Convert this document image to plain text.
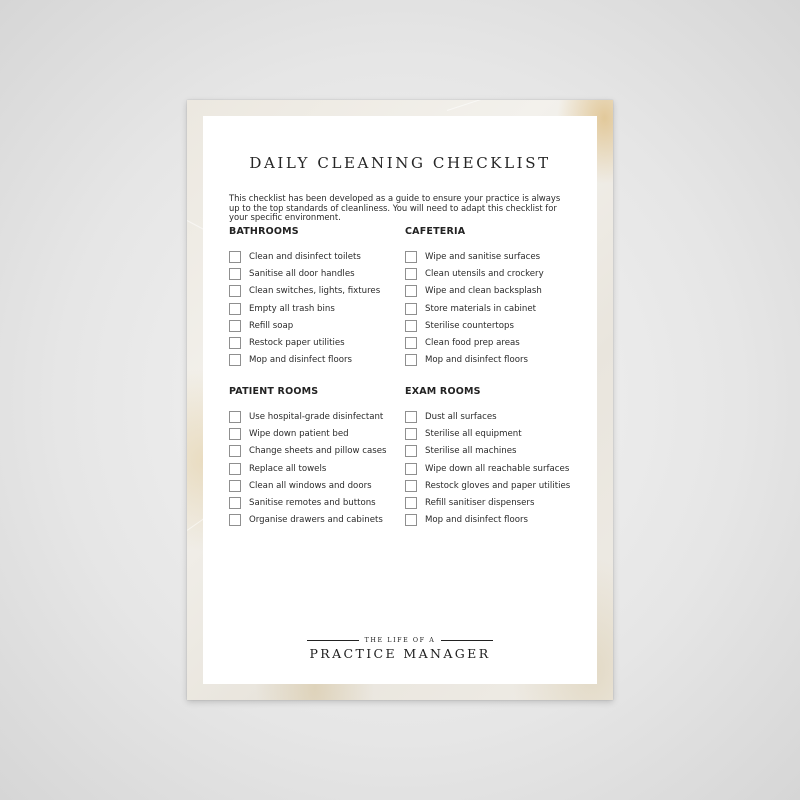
DAILY CLEANING CHECKLIST
This checklist has been developed as a guide to ensure your practice is always up to the top standards of cleanliness. You will need to adapt this checklist for your specific environment.
BATHROOMS
Clean and disinfect toilets
Sanitise all door handles
Clean switches, lights, fixtures
Empty all trash bins
Refill soap
Restock paper utilities
Mop and disinfect floors
CAFETERIA
Wipe and sanitise surfaces
Clean utensils and crockery
Wipe and clean backsplash
Store materials in cabinet
Sterilise countertops
Clean food prep areas
Mop and disinfect floors
PATIENT ROOMS
Use hospital-grade disinfectant
Wipe down patient bed
Change sheets and pillow cases
Replace all towels
Clean all windows and doors
Sanitise remotes and buttons
Organise drawers and cabinets
EXAM ROOMS
Dust all surfaces
Sterilise all equipment
Sterilise all machines
Wipe down all reachable surfaces
Restock gloves and paper utilities
Refill sanitiser dispensers
Mop and disinfect floors
THE LIFE OF A
PRACTICE MANAGER
